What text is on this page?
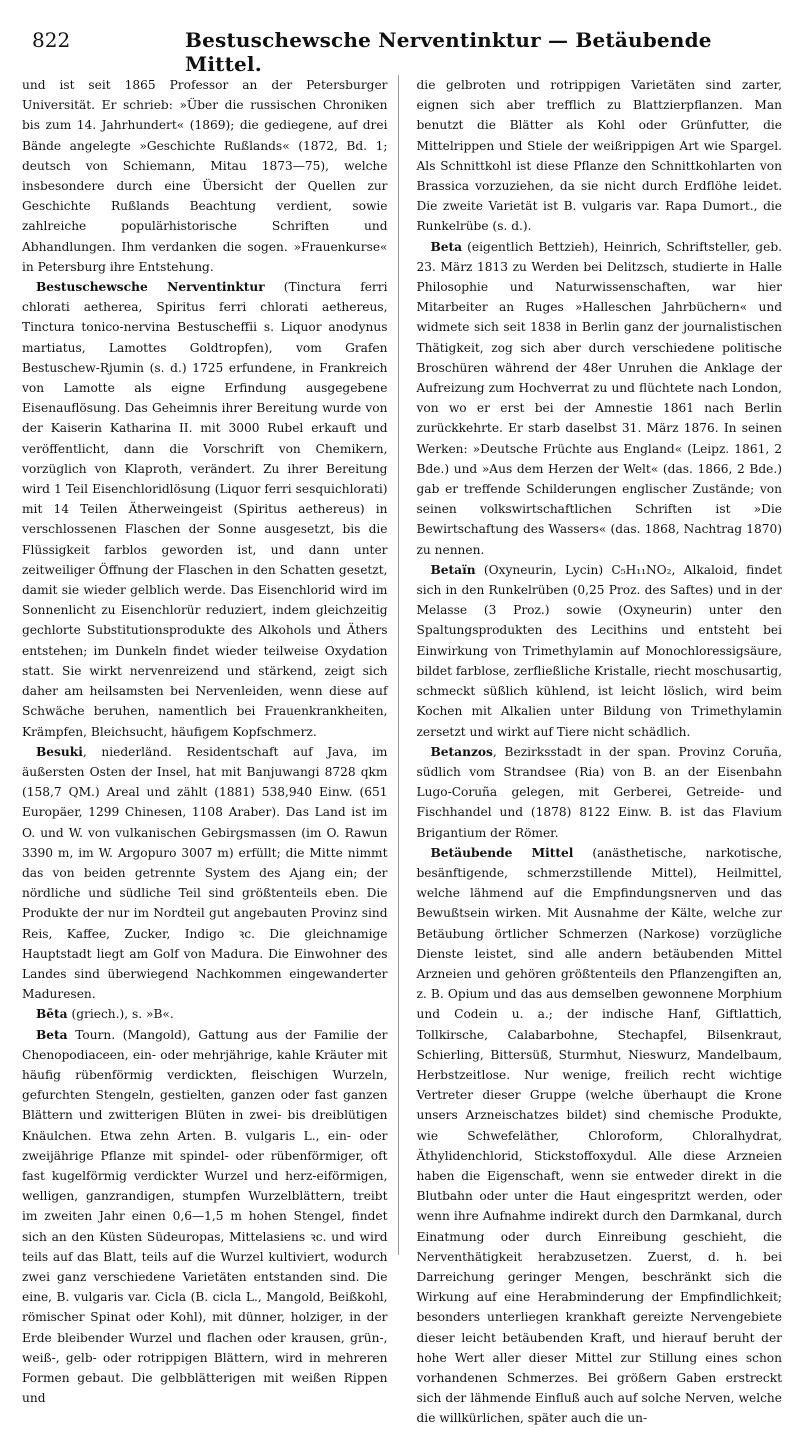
822	Bestuschewsche Nerventinktur — Betäubende Mittel.

und ist seit 1865 Professor an der Petersburger Universität. Er schrieb: »Über die russischen Chroniken bis zum 14. Jahrhundert« (1869); die gediegene, auf drei Bände angelegte »Geschichte Rußlands« (1872, Bd. 1; deutsch von Schiemann, Mitau 1873—75), welche insbesondere durch eine Übersicht der Quellen zur Geschichte Rußlands Beachtung verdient, sowie zahlreiche populärhistorische Schriften und Abhandlungen. Ihm verdanken die sogen. »Frauenkurse« in Petersburg ihre Entstehung.

Bestuschewsche Nerventinktur (Tinctura ferri chlorati aetherea, Spiritus ferri chlorati aethereus, Tinctura tonico-nervina Bestuscheffii s. Liquor anodynus martiatus, Lamottes Goldtropfen), vom Grafen Bestuschew-Rjumin (s. d.) 1725 erfundene, in Frankreich von Lamotte als eigne Erfindung ausgegebene Eisenauflösung. Das Geheimnis ihrer Bereitung wurde von der Kaiserin Katharina II. mit 3000 Rubel erkauft und veröffentlicht, dann die Vorschrift von Chemikern, vorzüglich von Klaproth, verändert. Zu ihrer Bereitung wird 1 Teil Eisenchloridlösung (Liquor ferri sesquichlorati) mit 14 Teilen Ätherweingeist (Spiritus aethereus) in verschlossenen Flaschen der Sonne ausgesetzt, bis die Flüssigkeit farblos geworden ist, und dann unter zeitweiliger Öffnung der Flaschen in den Schatten gesetzt, damit sie wieder gelblich werde. Das Eisenchlorid wird im Sonnenlicht zu Eisenchlorür reduziert, indem gleichzeitig gechlorte Substitutionsprodukte des Alkohols und Äthers entstehen; im Dunkeln findet wieder teilweise Oxydation statt. Sie wirkt nervenreizend und stärkend, zeigt sich daher am heilsamsten bei Nervenleiden, wenn diese auf Schwäche beruhen, namentlich bei Frauenkrankheiten, Krämpfen, Bleichsucht, häufigem Kopfschmerz.

Besuki, niederländ. Residentschaft auf Java, im äußersten Osten der Insel, hat mit Banjuwangi 8728 qkm (158,7 QM.) Areal und zählt (1881) 538,940 Einw. (651 Europäer, 1299 Chinesen, 1108 Araber). Das Land ist im O. und W. von vulkanischen Gebirgsmassen (im O. Rawun 3390 m, im W. Argopuro 3007 m) erfüllt; die Mitte nimmt das von beiden getrennte System des Ajang ein; der nördliche und südliche Teil sind größtenteils eben. Die Produkte der nur im Nordteil gut angebauten Provinz sind Reis, Kaffee, Zucker, Indigo ꝛc. Die gleichnamige Hauptstadt liegt am Golf von Madura. Die Einwohner des Landes sind überwiegend Nachkommen eingewanderter Maduresen.

Bēta (griech.), s. »B«.

Beta Tourn. (Mangold), Gattung aus der Familie der Chenopodiaceen, ein- oder mehrjährige, kahle Kräuter mit häufig rübenförmig verdickten, fleischigen Wurzeln, gefurchten Stengeln, gestielten, ganzen oder fast ganzen Blättern und zwitterigen Blüten in zwei- bis dreiblütigen Knäulchen. Etwa zehn Arten. B. vulgaris L., ein- oder zweijährige Pflanze mit spindel- oder rübenförmiger, oft fast kugelförmig verdickter Wurzel und herz-eiförmigen, welligen, ganzrandigen, stumpfen Wurzelblättern, treibt im zweiten Jahr einen 0,6—1,5 m hohen Stengel, findet sich an den Küsten Südeuropas, Mittelasiens ꝛc. und wird teils auf das Blatt, teils auf die Wurzel kultiviert, wodurch zwei ganz verschiedene Varietäten entstanden sind. Die eine, B. vulgaris var. Cicla (B. cicla L., Mangold, Beißkohl, römischer Spinat oder Kohl), mit dünner, holziger, in der Erde bleibender Wurzel und flachen oder krausen, grün-, weiß-, gelb- oder rotrippigen Blättern, wird in mehreren Formen gebaut. Die gelbblätterigen mit weißen Rippen und

die gelbroten und rotrippigen Varietäten sind zarter, eignen sich aber trefflich zu Blattzierpflanzen. Man benutzt die Blätter als Kohl oder Grünfutter, die Mittelrippen und Stiele der weißrippigen Art wie Spargel. Als Schnittkohl ist diese Pflanze den Schnittkohlarten von Brassica vorzuziehen, da sie nicht durch Erdflöhe leidet. Die zweite Varietät ist B. vulgaris var. Rapa Dumort., die Runkelrübe (s. d.).

Beta (eigentlich Bettzieh), Heinrich, Schriftsteller, geb. 23. März 1813 zu Werden bei Delitzsch, studierte in Halle Philosophie und Naturwissenschaften, war hier Mitarbeiter an Ruges »Halleschen Jahrbüchern« und widmete sich seit 1838 in Berlin ganz der journalistischen Thätigkeit, zog sich aber durch verschiedene politische Broschüren während der 48er Unruhen die Anklage der Aufreizung zum Hochverrat zu und flüchtete nach London, von wo er erst bei der Amnestie 1861 nach Berlin zurückkehrte. Er starb daselbst 31. März 1876. In seinen Werken: »Deutsche Früchte aus England« (Leipz. 1861, 2 Bde.) und »Aus dem Herzen der Welt« (das. 1866, 2 Bde.) gab er treffende Schilderungen englischer Zustände; von seinen volkswirtschaftlichen Schriften ist »Die Bewirtschaftung des Wassers« (das. 1868, Nachtrag 1870) zu nennen.

Betaïn (Oxyneurin, Lycin) C₅H₁₁NO₂, Alkaloid, findet sich in den Runkelrüben (0,25 Proz. des Saftes) und in der Melasse (3 Proz.) sowie (Oxyneurin) unter den Spaltungsprodukten des Lecithins und entsteht bei Einwirkung von Trimethylamin auf Monochloressigsäure, bildet farblose, zerfließliche Kristalle, riecht moschusartig, schmeckt süßlich kühlend, ist leicht löslich, wird beim Kochen mit Alkalien unter Bildung von Trimethylamin zersetzt und wirkt auf Tiere nicht schädlich.

Betanzos, Bezirksstadt in der span. Provinz Coruña, südlich vom Strandsee (Ria) von B. an der Eisenbahn Lugo-Coruña gelegen, mit Gerberei, Getreide- und Fischhandel und (1878) 8122 Einw. B. ist das Flavium Brigantium der Römer.

Betäubende Mittel (anästhetische, narkotische, besänftigende, schmerzstillende Mittel), Heilmittel, welche lähmend auf die Empfindungsnerven und das Bewußtsein wirken. Mit Ausnahme der Kälte, welche zur Betäubung örtlicher Schmerzen (Narkose) vorzügliche Dienste leistet, sind alle andern betäubenden Mittel Arzneien und gehören größtenteils den Pflanzengiften an, z. B. Opium und das aus demselben gewonnene Morphium und Codein u. a.; der indische Hanf, Giftlattich, Tollkirsche, Calabarbohne, Stechapfel, Bilsenkraut, Schierling, Bittersüß, Sturmhut, Nieswurz, Mandelbaum, Herbstzeitlose. Nur wenige, freilich recht wichtige Vertreter dieser Gruppe (welche überhaupt die Krone unsers Arzneischatzes bildet) sind chemische Produkte, wie Schwefeläther, Chloroform, Chloralhydrat, Äthylidenchlorid, Stickstoffoxydul. Alle diese Arzneien haben die Eigenschaft, wenn sie entweder direkt in die Blutbahn oder unter die Haut eingespritzt werden, oder wenn ihre Aufnahme indirekt durch den Darmkanal, durch Einatmung oder durch Einreibung geschieht, die Nerventhätigkeit herabzusetzen. Zuerst, d. h. bei Darreichung geringer Mengen, beschränkt sich die Wirkung auf eine Herabminderung der Empfindlichkeit; besonders unterliegen krankhaft gereizte Nervengebiete dieser leicht betäubenden Kraft, und hierauf beruht der hohe Wert aller dieser Mittel zur Stillung eines schon vorhandenen Schmerzes. Bei größern Gaben erstreckt sich der lähmende Einfluß auch auf solche Nerven, welche die willkürlichen, später auch die un-
